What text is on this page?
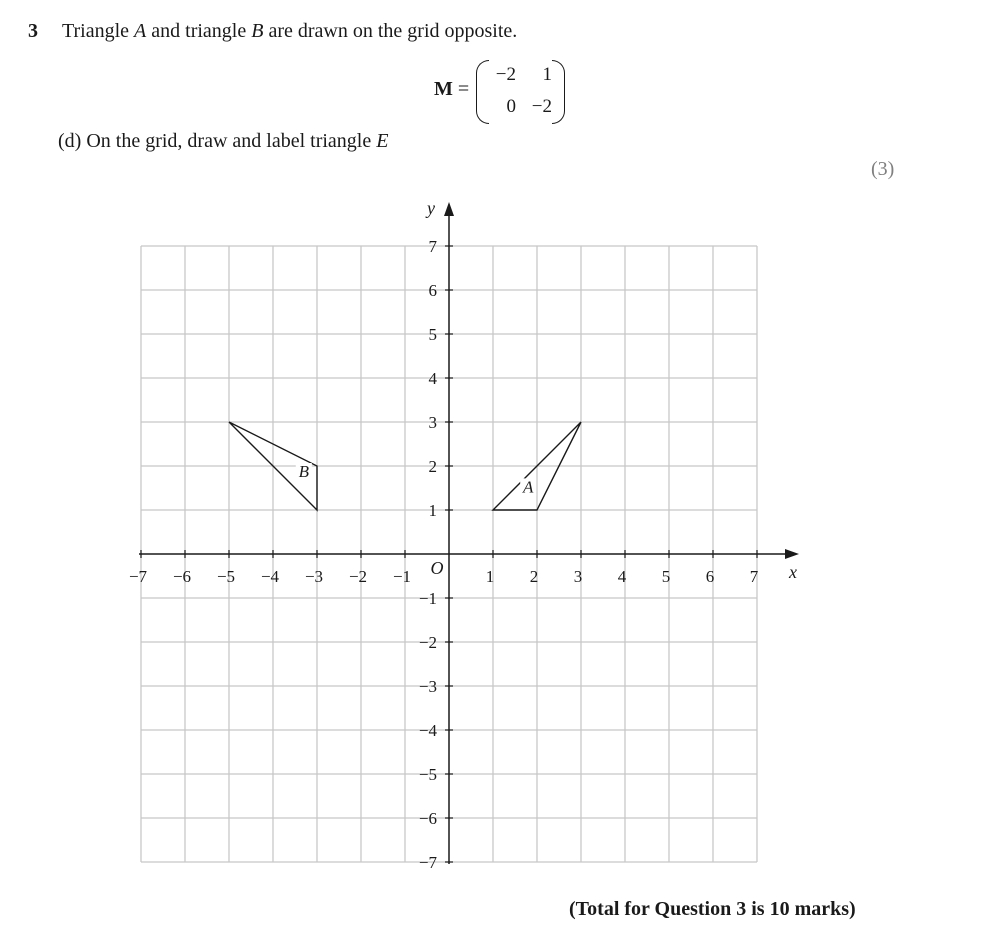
3 Triangle A and triangle B are drawn on the grid opposite.
M =
−2	1
0 −2
(d) On the grid, draw and label triangle E
(3)
−7 −6 −5 −4 −3 −2 −1	1 2 3 4 5 6 7
7
6
5
4
3
2
1
−1
−2
−3
−4
−5
−6
−7
x
y
O
A
B
(Total for Question 3 is 10 marks)
